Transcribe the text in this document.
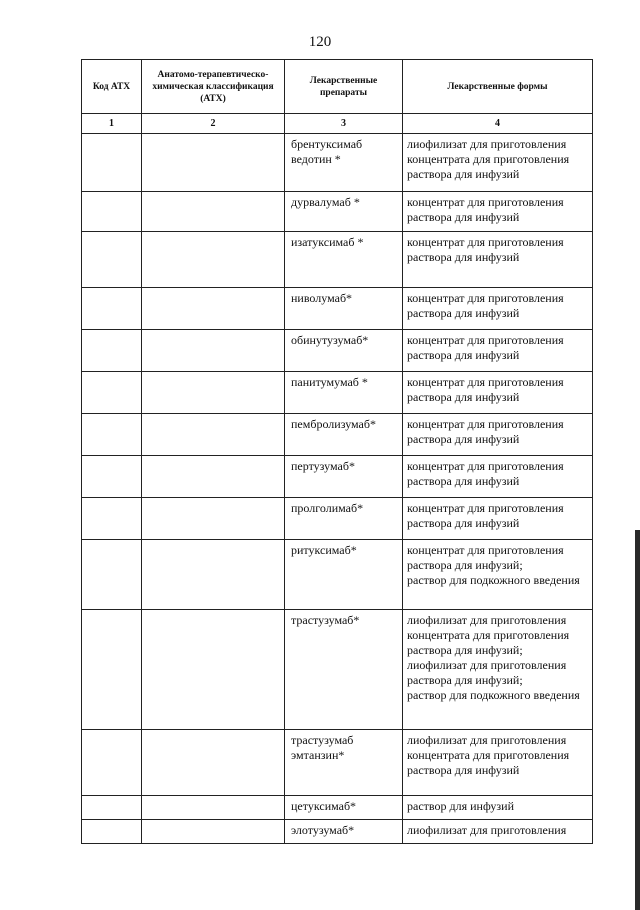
120
Код АТХ	Анатомо-терапевтическо-химическая классификация (АТХ)	Лекарственные препараты	Лекарственные формы
1	2	3	4
		брентуксимаб ведотин *	лиофилизат для приготовления концентрата для приготовления раствора для инфузий
		дурвалумаб *	концентрат для приготовления раствора для инфузий
		изатуксимаб *	концентрат для приготовления раствора для инфузий
		ниволумаб*	концентрат для приготовления раствора для инфузий
		обинутузумаб*	концентрат для приготовления раствора для инфузий
		панитумумаб *	концентрат для приготовления раствора для инфузий
		пембролизумаб*	концентрат для приготовления раствора для инфузий
		пертузумаб*	концентрат для приготовления раствора для инфузий
		пролголимаб*	концентрат для приготовления раствора для инфузий
		ритуксимаб*	концентрат для приготовления раствора для инфузий;
раствор для подкожного введения
		трастузумаб*	лиофилизат для приготовления концентрата для приготовления раствора для инфузий;
лиофилизат для приготовления раствора для инфузий;
раствор для подкожного введения
		трастузумаб эмтанзин*	лиофилизат для приготовления концентрата для приготовления раствора для инфузий
		цетуксимаб*	раствор для инфузий
		элотузумаб*	лиофилизат для приготовления
